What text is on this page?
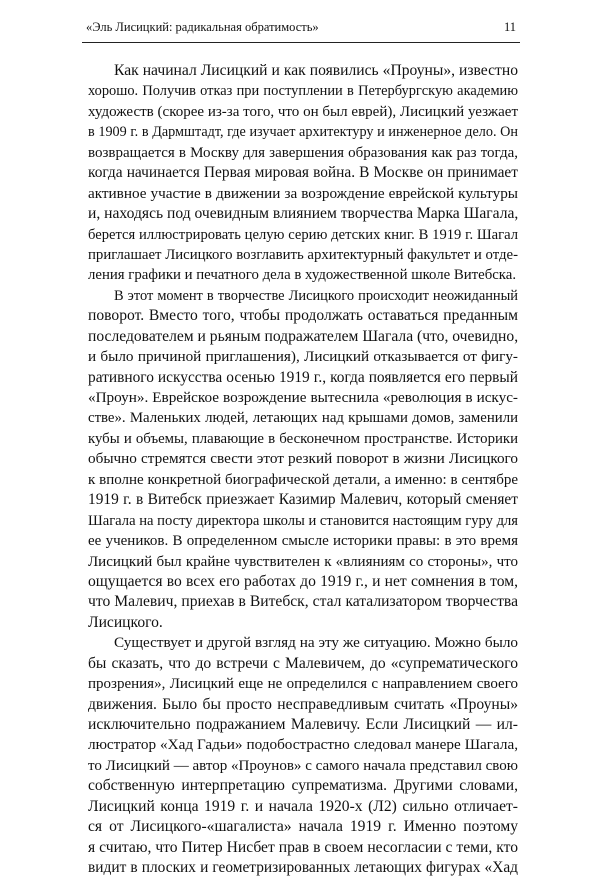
«Эль Лисицкий: радикальная обратимость»	11
Как начинал Лисицкий и как появились «Проуны», известно
хорошо. Получив отказ при поступлении в Петербургскую академию
художеств (скорее из-за того, что он был еврей), Лисицкий уезжает
в 1909 г. в Дармштадт, где изучает архитектуру и инженерное дело. Он
возвращается в Москву для завершения образования как раз тогда,
когда начинается Первая мировая война. В Москве он принимает
активное участие в движении за возрождение еврейской культуры
и, находясь под очевидным влиянием творчества Марка Шагала,
берется иллюстрировать целую серию детских книг. В 1919 г. Шагал
приглашает Лисицкого возглавить архитектурный факультет и отде-
ления графики и печатного дела в художественной школе Витебска.
В этот момент в творчестве Лисицкого происходит неожиданный
поворот. Вместо того, чтобы продолжать оставаться преданным
последователем и рьяным подражателем Шагала (что, очевидно,
и было причиной приглашения), Лисицкий отказывается от фигу-
ративного искусства осенью 1919 г., когда появляется его первый
«Проун». Еврейское возрождение вытеснила «революция в искус-
стве». Маленьких людей, летающих над крышами домов, заменили
кубы и объемы, плавающие в бесконечном пространстве. Историки
обычно стремятся свести этот резкий поворот в жизни Лисицкого
к вполне конкретной биографической детали, а именно: в сентябре
1919 г. в Витебск приезжает Казимир Малевич, который сменяет
Шагала на посту директора школы и становится настоящим гуру для
ее учеников. В определенном смысле историки правы: в это время
Лисицкий был крайне чувствителен к «влияниям со стороны», что
ощущается во всех его работах до 1919 г., и нет сомнения в том,
что Малевич, приехав в Витебск, стал катализатором творчества
Лисицкого.
Существует и другой взгляд на эту же ситуацию. Можно было
бы сказать, что до встречи с Малевичем, до «супрематического
прозрения», Лисицкий еще не определился с направлением своего
движения. Было бы просто несправедливым считать «Проуны»
исключительно подражанием Малевичу. Если Лисицкий — ил-
люстратор «Хад Гадьи» подобострастно следовал манере Шагала,
то Лисицкий — автор «Проунов» с самого начала представил свою
собственную интерпретацию супрематизма. Другими словами,
Лисицкий конца 1919 г. и начала 1920-х (Л2) сильно отличает-
ся от Лисицкого-«шагалиста» начала 1919 г. Именно поэтому
я считаю, что Питер Нисбет прав в своем несогласии с теми, кто
видит в плоских и геометризированных летающих фигурах «Хад
